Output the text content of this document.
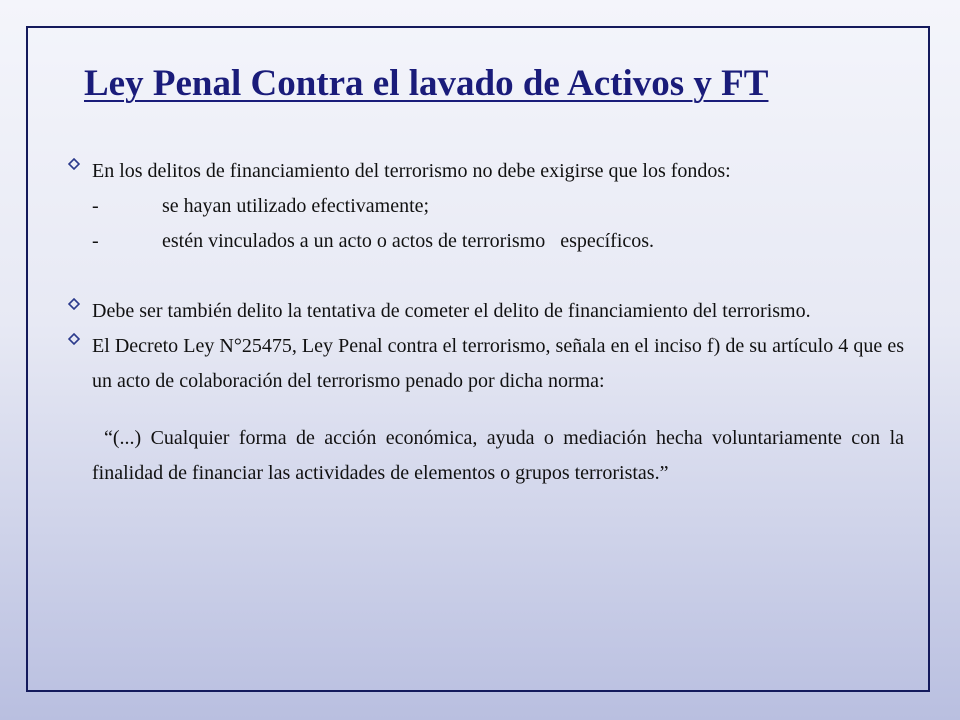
Ley Penal Contra el lavado de Activos y FT
En los delitos de financiamiento del terrorismo no debe exigirse que los fondos:
-	se hayan utilizado efectivamente;
-	estén vinculados a un acto o actos de terrorismo   específicos.
Debe ser también delito la tentativa de cometer el delito de financiamiento del terrorismo.
El Decreto Ley N°25475, Ley Penal contra el terrorismo, señala en el inciso f) de su artículo 4 que es un acto de colaboración del terrorismo penado por dicha norma:
“(...) Cualquier forma de acción económica, ayuda o mediación hecha voluntariamente con la finalidad de financiar las actividades de elementos o grupos terroristas.”
